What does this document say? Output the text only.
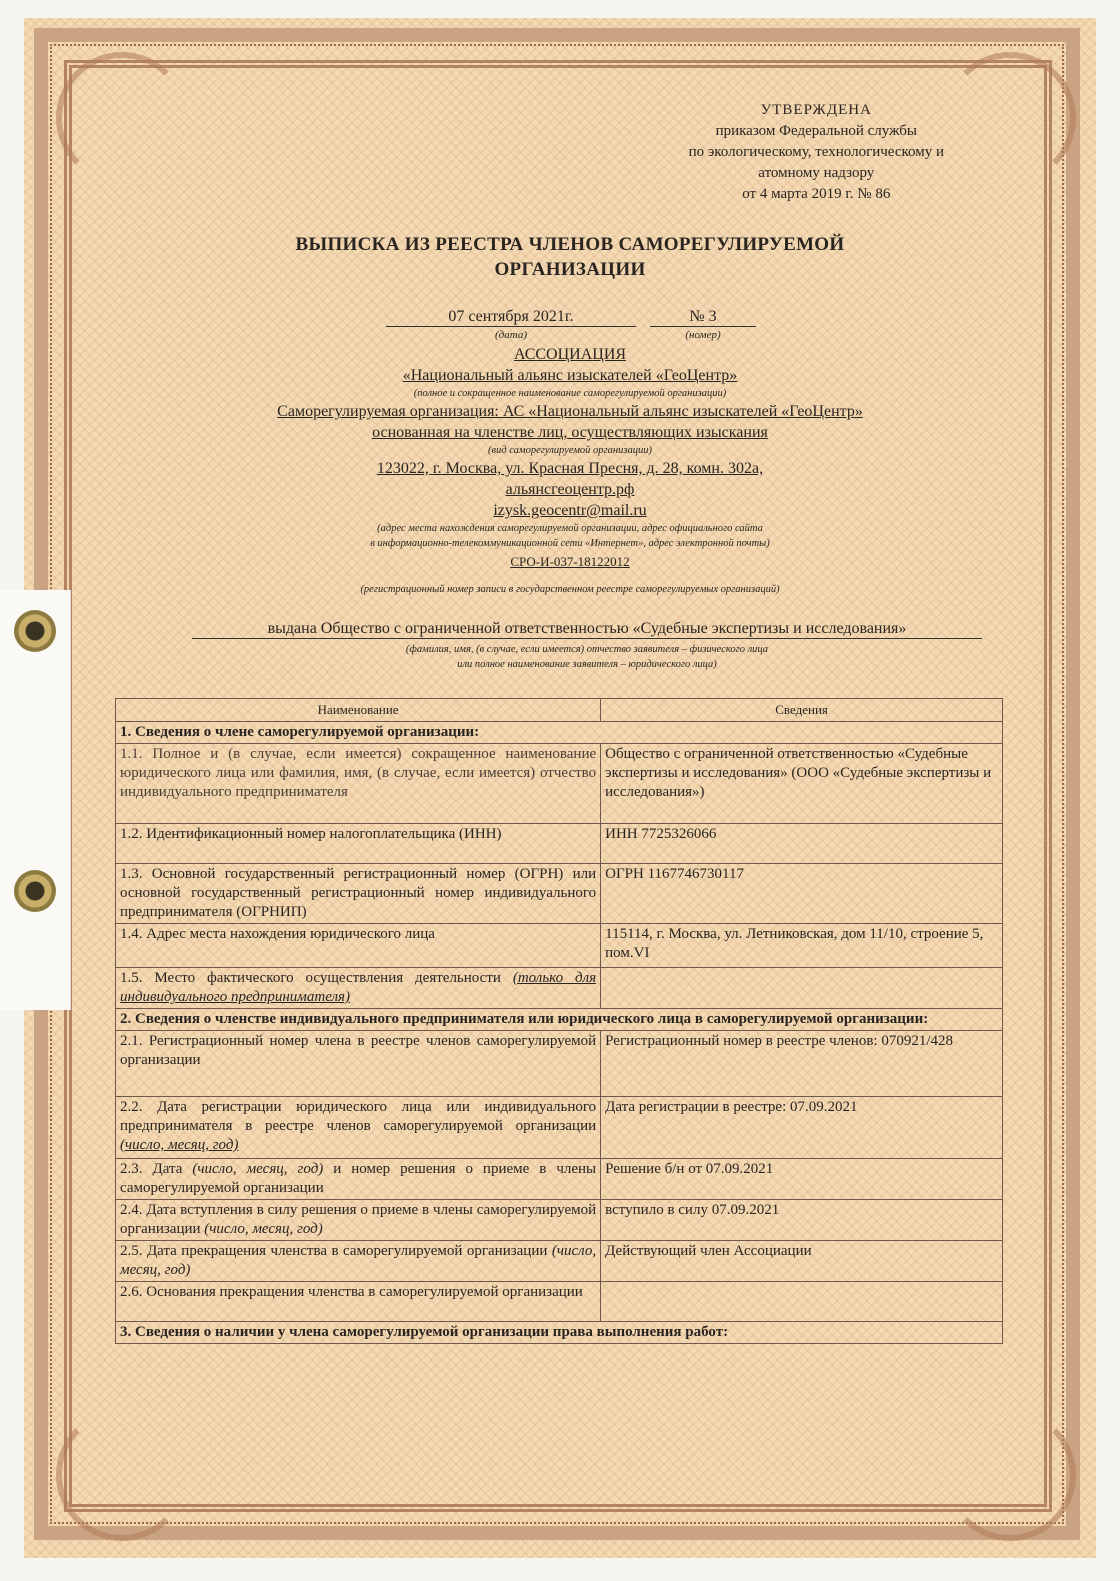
УТВЕРЖДЕНА
приказом Федеральной службы
по экологическому, технологическому и
атомному надзору
от 4 марта 2019 г. № 86
ВЫПИСКА ИЗ РЕЕСТРА ЧЛЕНОВ САМОРЕГУЛИРУЕМОЙ
ОРГАНИЗАЦИИ
07 сентября 2021г.	№ 3
(дата)	(номер)
АССОЦИАЦИЯ
«Национальный альянс изыскателей «ГеоЦентр»
(полное и сокращенное наименование саморегулируемой организации)
Саморегулируемая организация: АС «Национальный альянс изыскателей «ГеоЦентр»
основанная на членстве лиц, осуществляющих изыскания
(вид саморегулируемой организации)
123022, г. Москва, ул. Красная Пресня, д. 28, комн. 302а,
альянсгеоцентр.рф
izysk.geocentr@mail.ru
(адрес места нахождения саморегулируемой организации, адрес официального сайта
в информационно-телекоммуникационной сети «Интернет», адрес электронной почты)
СРО-И-037-18122012
(регистрационный номер записи в государственном реестре саморегулируемых организаций)
выдана Общество с ограниченной ответственностью «Судебные экспертизы и исследования»
(фамилия, имя, (в случае, если имеется) отчество заявителя – физического лица
или полное наименование заявителя – юридического лица)
Наименование	Сведения
1. Сведения о члене саморегулируемой организации:	
1.1. Полное и (в случае, если имеется) сокращенное наименование юридического лица или фамилия, имя, (в случае, если имеется) отчество индивидуального предпринимателя	Общество с ограниченной ответственностью «Судебные экспертизы и исследования» (ООО «Судебные экспертизы и исследования»)
1.2. Идентификационный номер налогоплательщика (ИНН)	ИНН 7725326066
1.3. Основной государственный регистрационный номер (ОГРН) или основной государственный регистрационный номер индивидуального предпринимателя (ОГРНИП)	ОГРН 1167746730117
1.4. Адрес места нахождения юридического лица	115114, г. Москва, ул. Летниковская, дом 11/10, строение 5, пом.VI
1.5. Место фактического осуществления деятельности (только для индивидуального предпринимателя)	
2. Сведения о членстве индивидуального предпринимателя или юридического лица в саморегулируемой организации:	
2.1. Регистрационный номер члена в реестре членов саморегулируемой организации	Регистрационный номер в реестре членов: 070921/428
2.2. Дата регистрации юридического лица или индивидуального предпринимателя в реестре членов саморегулируемой организации (число, месяц, год)	Дата регистрации в реестре: 07.09.2021
2.3. Дата (число, месяц, год) и номер решения о приеме в члены саморегулируемой организации	Решение б/н от 07.09.2021
2.4. Дата вступления в силу решения о приеме в члены саморегулируемой организации (число, месяц, год)	вступило в силу 07.09.2021
2.5. Дата прекращения членства в саморегулируемой организации (число, месяц, год)	Действующий член Ассоциации
2.6. Основания прекращения членства в саморегулируемой организации	
3. Сведения о наличии у члена саморегулируемой организации права выполнения работ:	
